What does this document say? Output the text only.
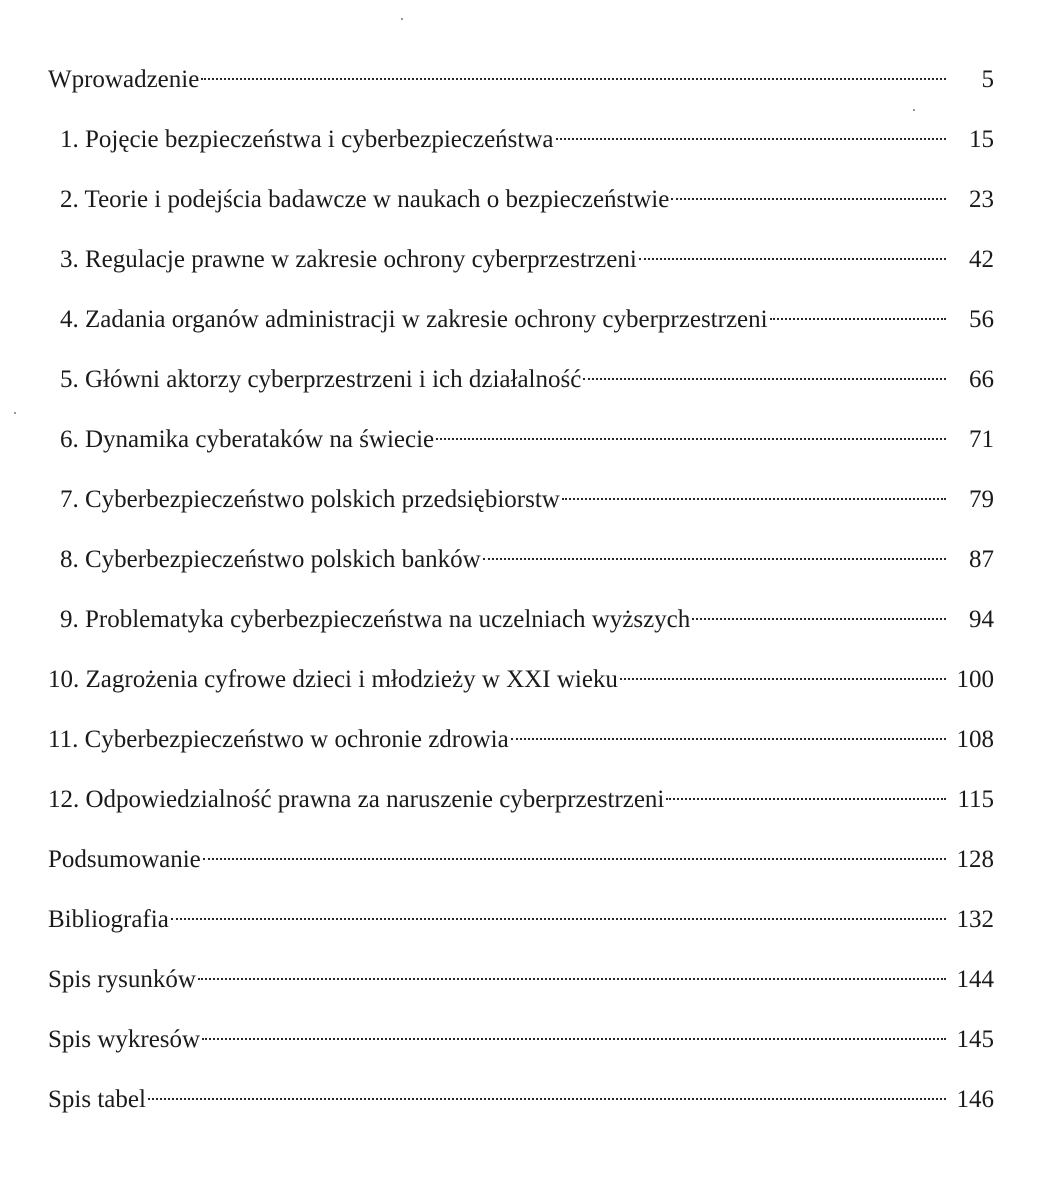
Wprowadzenie	5
1. Pojęcie bezpieczeństwa i cyberbezpieczeństwa	15
2. Teorie i podejścia badawcze w naukach o bezpieczeństwie	23
3. Regulacje prawne w zakresie ochrony cyberprzestrzeni	42
4. Zadania organów administracji w zakresie ochrony cyberprzestrzeni	56
5. Główni aktorzy cyberprzestrzeni i ich działalność	66
6. Dynamika cyberataków na świecie	71
7. Cyberbezpieczeństwo polskich przedsiębiorstw	79
8. Cyberbezpieczeństwo polskich banków	87
9. Problematyka cyberbezpieczeństwa na uczelniach wyższych	94
10. Zagrożenia cyfrowe dzieci i młodzieży w XXI wieku	100
11. Cyberbezpieczeństwo w ochronie zdrowia	108
12. Odpowiedzialność prawna za naruszenie cyberprzestrzeni	115
Podsumowanie	128
Bibliografia	132
Spis rysunków	144
Spis wykresów	145
Spis tabel	146
